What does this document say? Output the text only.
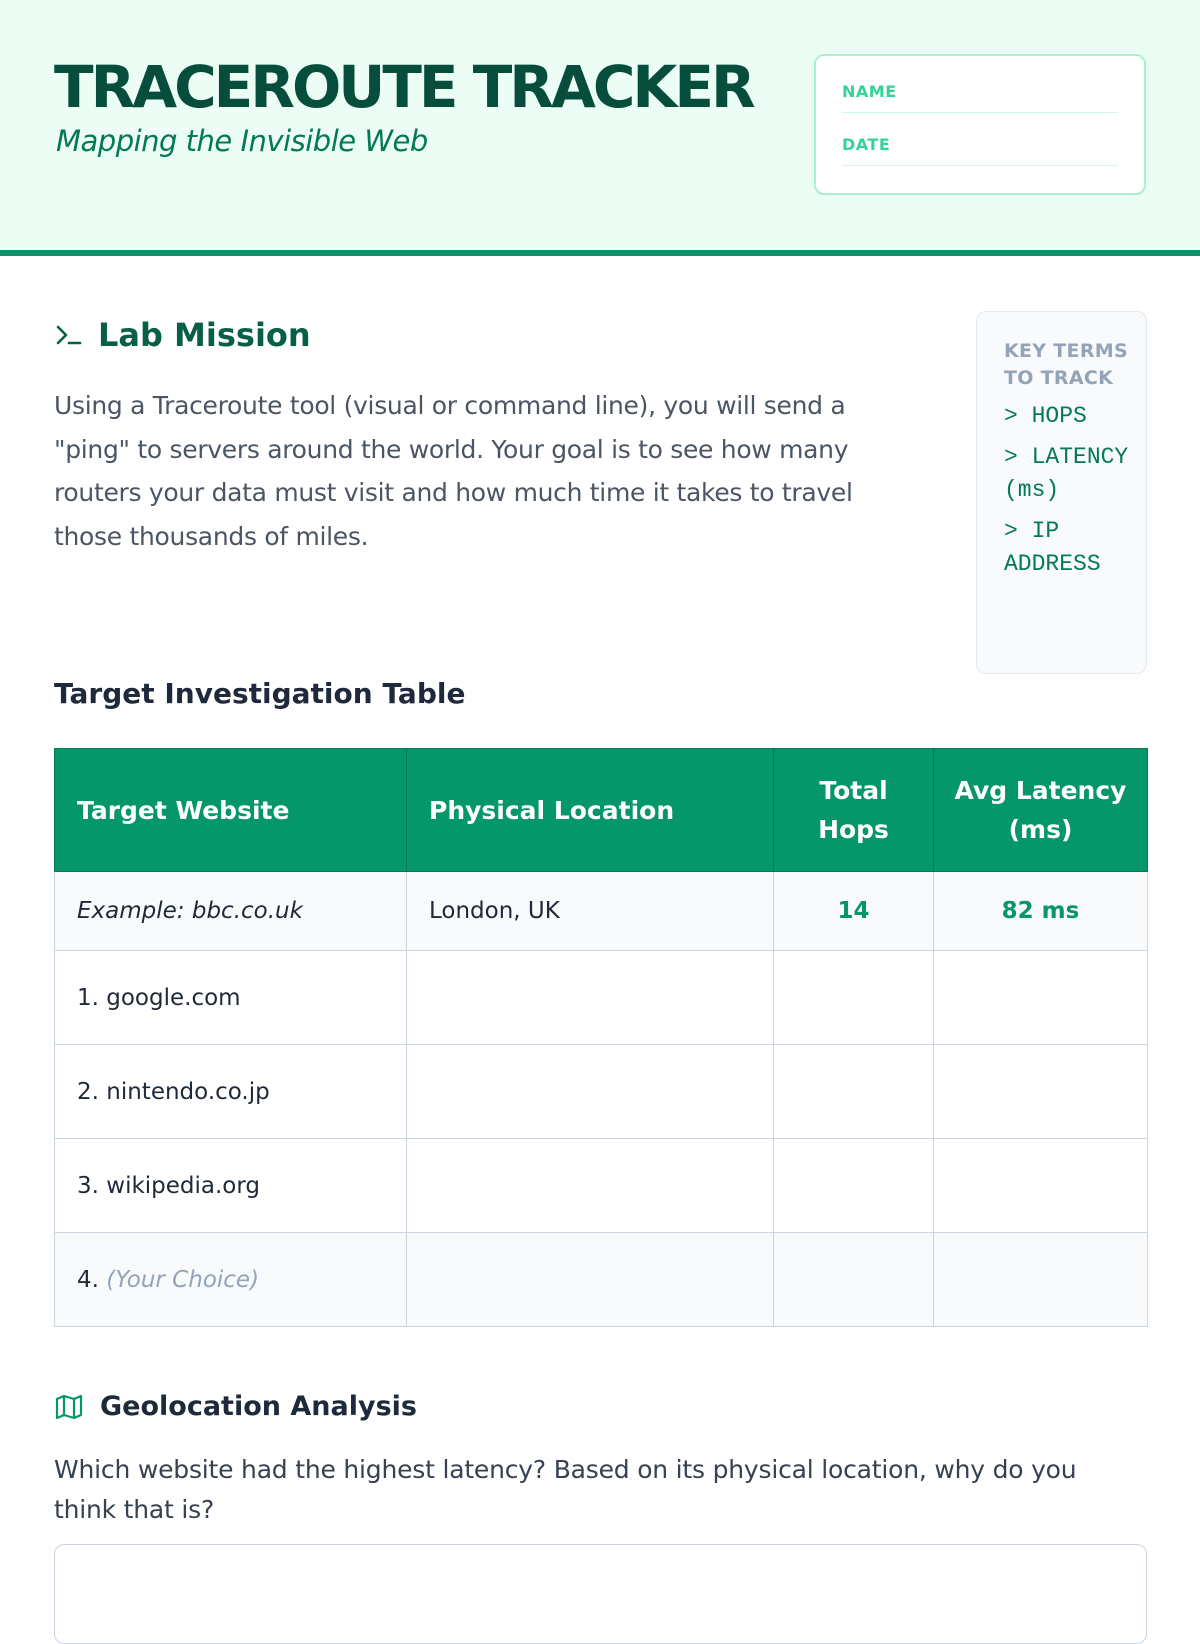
TRACEROUTE TRACKER
Mapping the Invisible Web
NAME
DATE
Lab Mission
Using a Traceroute tool (visual or command line), you will send a "ping" to servers around the world. Your goal is to see how many routers your data must visit and how much time it takes to travel those thousands of miles.
KEY TERMS TO TRACK
> HOPS
> LATENCY (ms)
> IP ADDRESS
Target Investigation Table
Target Website	Physical Location	Total Hops	Avg Latency (ms)
Example: bbc.co.uk	London, UK	14	82 ms
1. google.com			
2. nintendo.co.jp			
3. wikipedia.org			
4. (Your Choice)			
Geolocation Analysis
Which website had the highest latency? Based on its physical location, why do you think that is?
